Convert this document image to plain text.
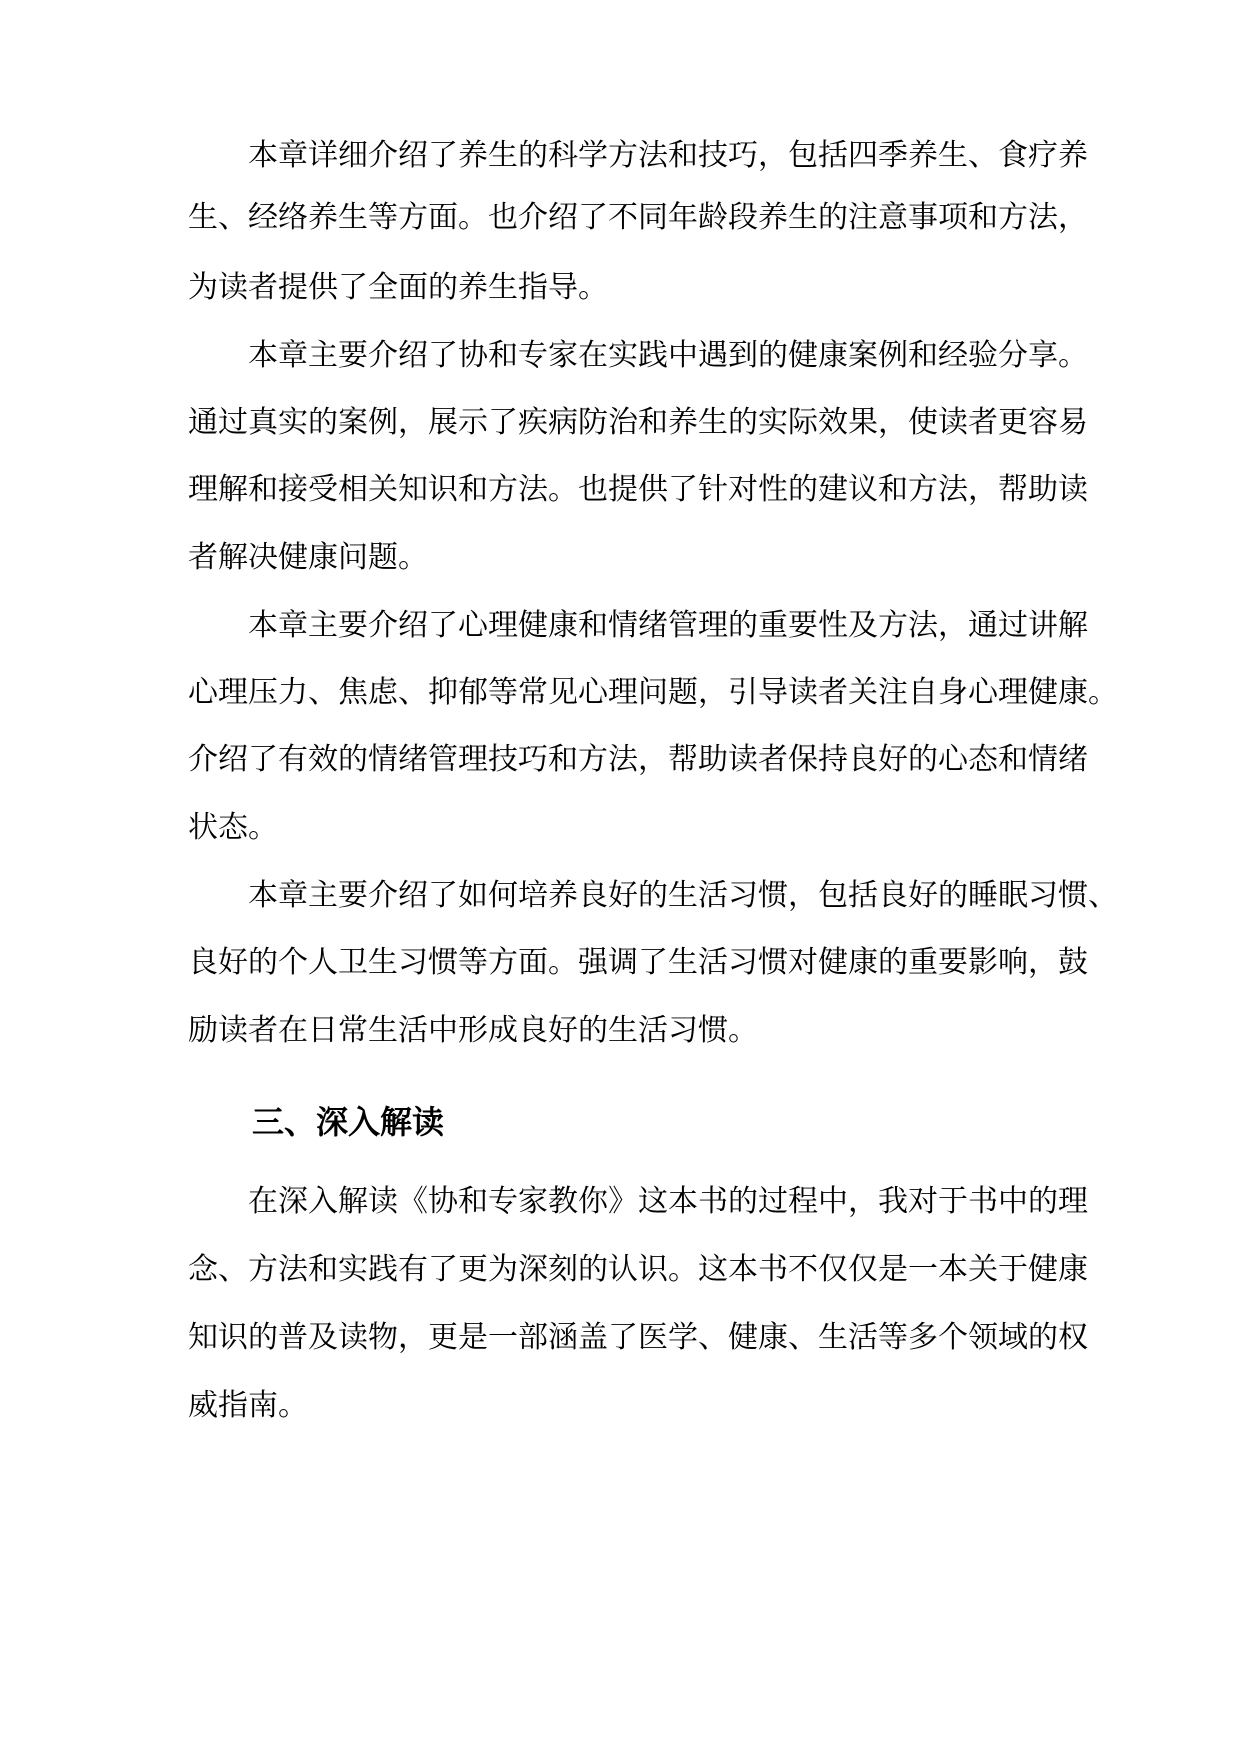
本章详细介绍了养生的科学方法和技巧，包括四季养生、食疗养

生、经络养生等方面。也介绍了不同年龄段养生的注意事项和方法，

为读者提供了全面的养生指导。

本章主要介绍了协和专家在实践中遇到的健康案例和经验分享。

通过真实的案例，展示了疾病防治和养生的实际效果，使读者更容易

理解和接受相关知识和方法。也提供了针对性的建议和方法，帮助读

者解决健康问题。

本章主要介绍了心理健康和情绪管理的重要性及方法，通过讲解

心理压力、焦虑、抑郁等常见心理问题，引导读者关注自身心理健康。

介绍了有效的情绪管理技巧和方法，帮助读者保持良好的心态和情绪

状态。

本章主要介绍了如何培养良好的生活习惯，包括良好的睡眠习惯、

良好的个人卫生习惯等方面。强调了生活习惯对健康的重要影响，鼓

励读者在日常生活中形成良好的生活习惯。

三、深入解读

在深入解读《协和专家教你》这本书的过程中，我对于书中的理

念、方法和实践有了更为深刻的认识。这本书不仅仅是一本关于健康

知识的普及读物，更是一部涵盖了医学、健康、生活等多个领域的权

威指南。
